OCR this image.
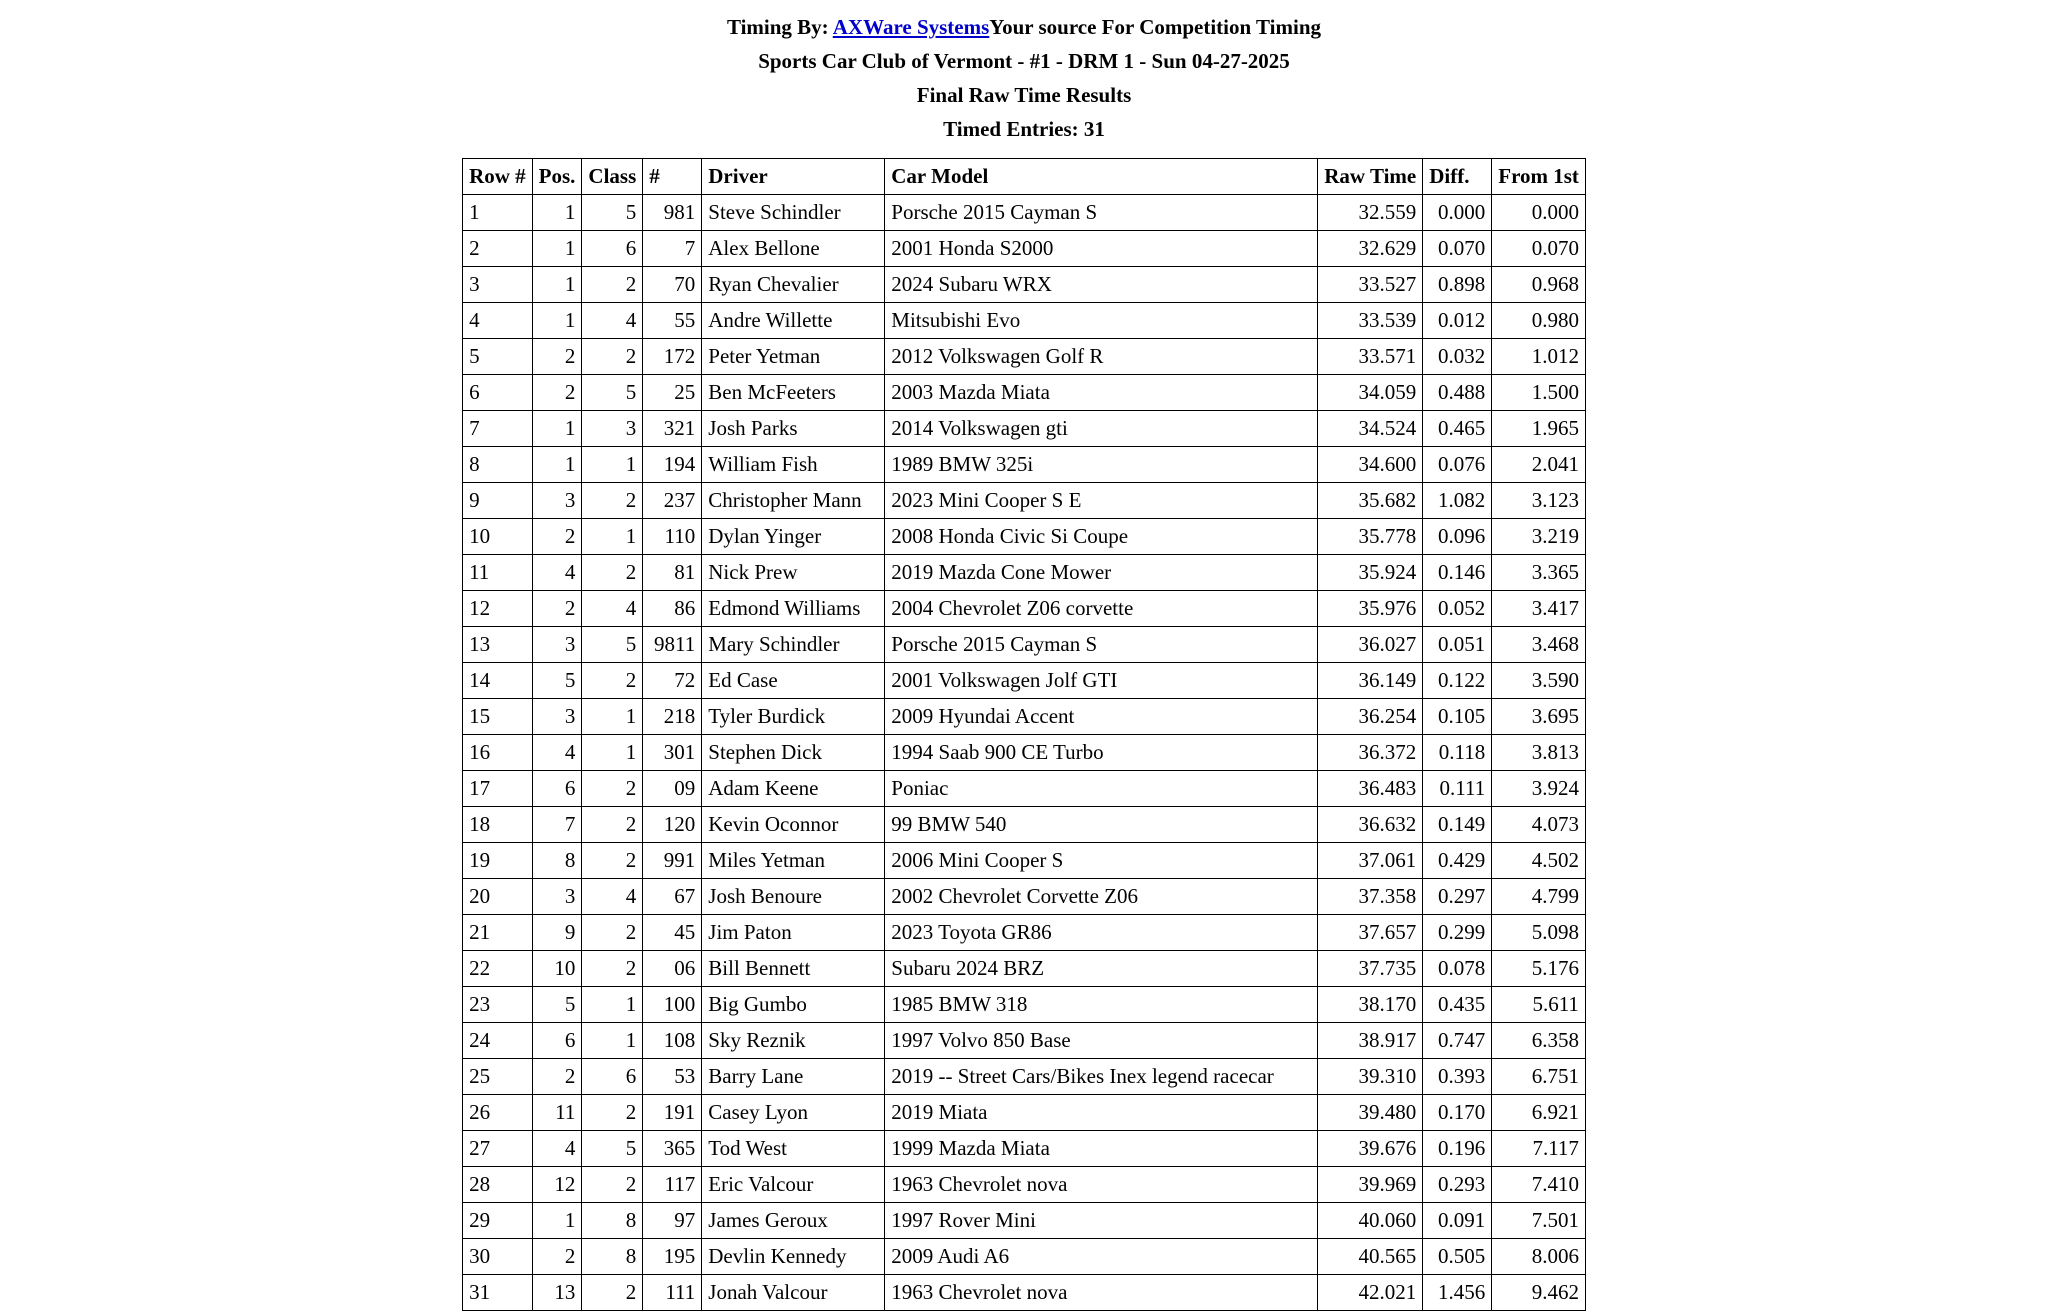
Timing By: AXWare SystemsYour source For Competition Timing
Sports Car Club of Vermont - #1 - DRM 1 - Sun 04-27-2025
Final Raw Time Results
Timed Entries: 31
Row #	Pos.	Class	#	Driver	Car Model	Raw Time	Diff.	From 1st
1	1	5	981	Steve Schindler	Porsche 2015 Cayman S	32.559	0.000	0.000
2	1	6	7	Alex Bellone	2001 Honda S2000	32.629	0.070	0.070
3	1	2	70	Ryan Chevalier	2024 Subaru WRX	33.527	0.898	0.968
4	1	4	55	Andre Willette	Mitsubishi Evo	33.539	0.012	0.980
5	2	2	172	Peter Yetman	2012 Volkswagen Golf R	33.571	0.032	1.012
6	2	5	25	Ben McFeeters	2003 Mazda Miata	34.059	0.488	1.500
7	1	3	321	Josh Parks	2014 Volkswagen gti	34.524	0.465	1.965
8	1	1	194	William Fish	1989 BMW 325i	34.600	0.076	2.041
9	3	2	237	Christopher Mann	2023 Mini Cooper S E	35.682	1.082	3.123
10	2	1	110	Dylan Yinger	2008 Honda Civic Si Coupe	35.778	0.096	3.219
11	4	2	81	Nick Prew	2019 Mazda Cone Mower	35.924	0.146	3.365
12	2	4	86	Edmond Williams	2004 Chevrolet Z06 corvette	35.976	0.052	3.417
13	3	5	9811	Mary Schindler	Porsche 2015 Cayman S	36.027	0.051	3.468
14	5	2	72	Ed Case	2001 Volkswagen Jolf GTI	36.149	0.122	3.590
15	3	1	218	Tyler Burdick	2009 Hyundai Accent	36.254	0.105	3.695
16	4	1	301	Stephen Dick	1994 Saab 900 CE Turbo	36.372	0.118	3.813
17	6	2	09	Adam Keene	Poniac	36.483	0.111	3.924
18	7	2	120	Kevin Oconnor	99 BMW 540	36.632	0.149	4.073
19	8	2	991	Miles Yetman	2006 Mini Cooper S	37.061	0.429	4.502
20	3	4	67	Josh Benoure	2002 Chevrolet Corvette Z06	37.358	0.297	4.799
21	9	2	45	Jim Paton	2023 Toyota GR86	37.657	0.299	5.098
22	10	2	06	Bill Bennett	Subaru 2024 BRZ	37.735	0.078	5.176
23	5	1	100	Big Gumbo	1985 BMW 318	38.170	0.435	5.611
24	6	1	108	Sky Reznik	1997 Volvo 850 Base	38.917	0.747	6.358
25	2	6	53	Barry Lane	2019 -- Street Cars/Bikes Inex legend racecar	39.310	0.393	6.751
26	11	2	191	Casey Lyon	2019 Miata	39.480	0.170	6.921
27	4	5	365	Tod West	1999 Mazda Miata	39.676	0.196	7.117
28	12	2	117	Eric Valcour	1963 Chevrolet nova	39.969	0.293	7.410
29	1	8	97	James Geroux	1997 Rover Mini	40.060	0.091	7.501
30	2	8	195	Devlin Kennedy	2009 Audi A6	40.565	0.505	8.006
31	13	2	111	Jonah Valcour	1963 Chevrolet nova	42.021	1.456	9.462
